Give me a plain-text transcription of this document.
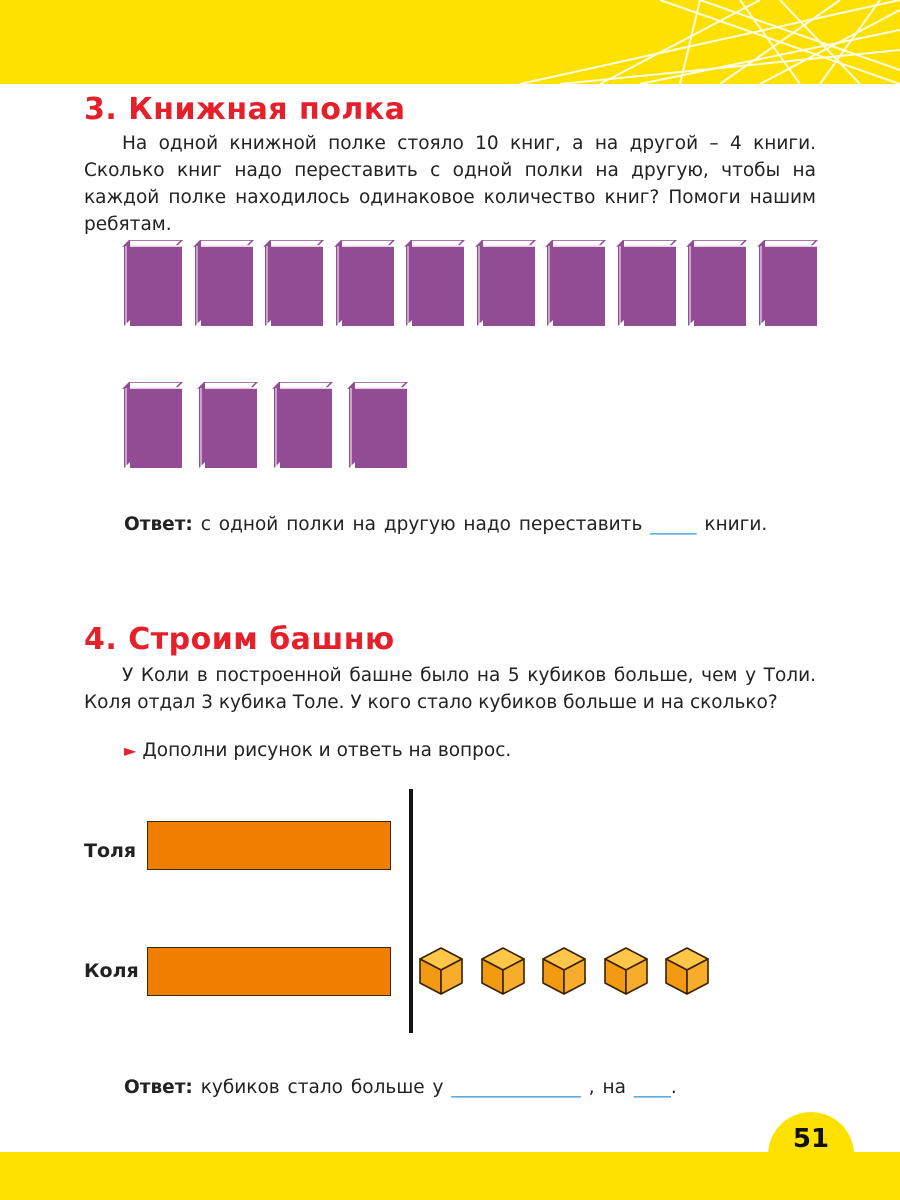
3. Книжная полка

На одной книжной полке стояло 10 книг, а на другой – 4 книги. Сколько книг надо переставить с одной полки на другую, чтобы на каждой полке находилось одинаковое количество книг? Помоги нашим ребятам.

Ответ: с одной полки на другую надо переставить _____ книги.

4. Строим башню

У Коли в построенной башне было на 5 кубиков больше, чем у Толи. Коля отдал 3 кубика Толе. У кого стало кубиков больше и на сколько?

► Дополни рисунок и ответь на вопрос.

Толя
Коля

Ответ: кубиков стало больше у ______________ , на ____.

51
